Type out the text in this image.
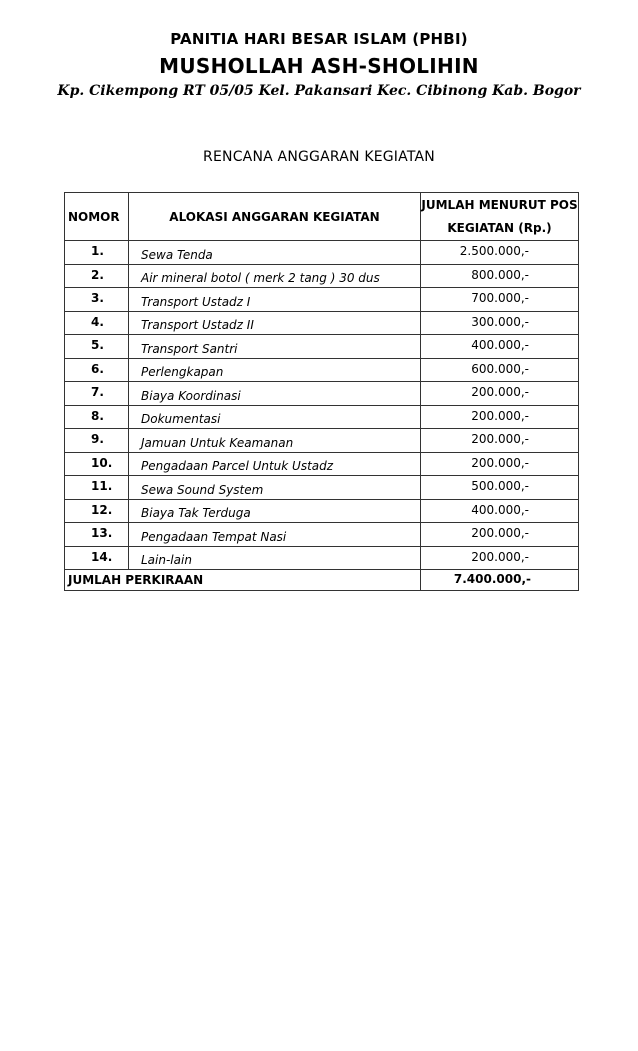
PANITIA HARI BESAR ISLAM (PHBI)
MUSHOLLAH ASH-SHOLIHIN
Kp. Cikempong RT 05/05 Kel. Pakansari Kec. Cibinong Kab. Bogor
RENCANA ANGGARAN KEGIATAN
NOMOR	ALOKASI ANGGARAN KEGIATAN	JUMLAH MENURUT POS
KEGIATAN (Rp.)

1.	Sewa Tenda	2.500.000,-
2.	Air mineral botol ( merk 2 tang ) 30 dus	800.000,-
3.	Transport Ustadz I	700.000,-
4.	Transport Ustadz II	300.000,-
5.	Transport Santri	400.000,-
6.	Perlengkapan	600.000,-
7.	Biaya Koordinasi	200.000,-
8.	Dokumentasi	200.000,-
9.	Jamuan Untuk Keamanan	200.000,-
10.	Pengadaan Parcel Untuk Ustadz	200.000,-
11.	Sewa Sound System	500.000,-
12.	Biaya Tak Terduga	400.000,-
13.	Pengadaan Tempat Nasi	200.000,-
14.	Lain-lain	200.000,-
JUMLAH PERKIRAAN		7.400.000,-
